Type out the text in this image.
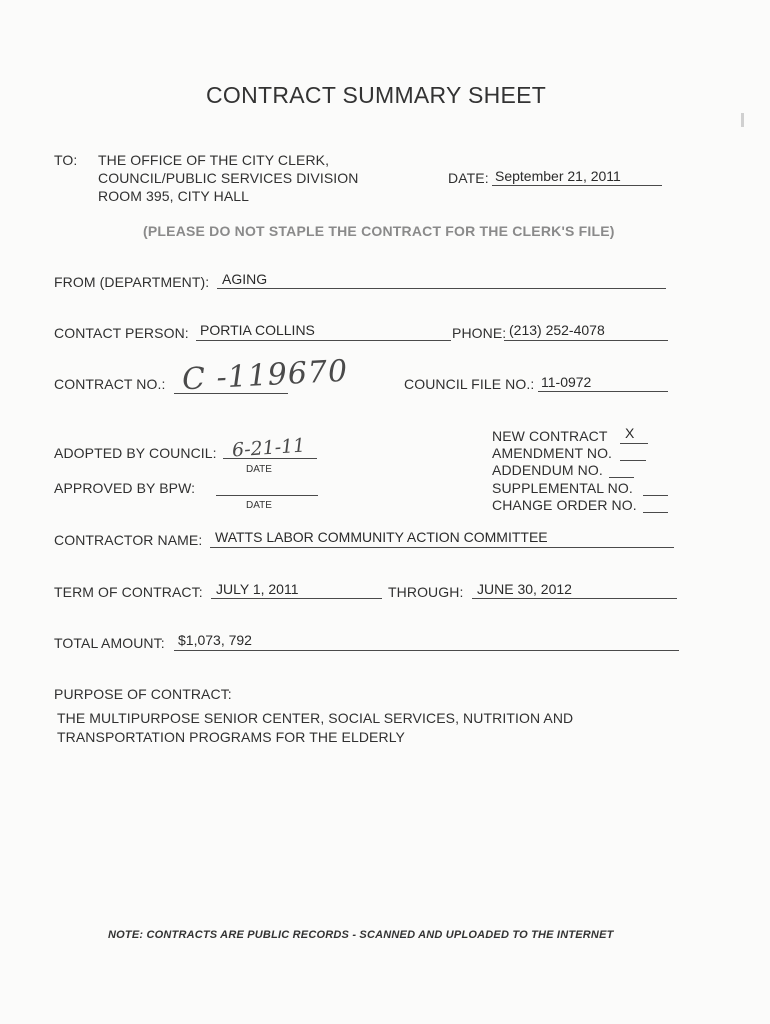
CONTRACT SUMMARY SHEET
TO: THE OFFICE OF THE CITY CLERK,
COUNCIL/PUBLIC SERVICES DIVISION
ROOM 395, CITY HALL
DATE: September 21, 2011
(PLEASE DO NOT STAPLE THE CONTRACT FOR THE CLERK'S FILE)
FROM (DEPARTMENT): AGING
CONTACT PERSON: PORTIA COLLINS	PHONE: (213) 252-4078
CONTRACT NO.: C -119670	COUNCIL FILE NO.: 11-0972
ADOPTED BY COUNCIL: 6-21-11
DATE
APPROVED BY BPW:
DATE
NEW CONTRACT X
AMENDMENT NO.
ADDENDUM NO.
SUPPLEMENTAL NO.
CHANGE ORDER NO.
CONTRACTOR NAME: WATTS LABOR COMMUNITY ACTION COMMITTEE
TERM OF CONTRACT: JULY 1, 2011	THROUGH: JUNE 30, 2012
TOTAL AMOUNT: $1,073, 792
PURPOSE OF CONTRACT:
THE MULTIPURPOSE SENIOR CENTER, SOCIAL SERVICES, NUTRITION AND
TRANSPORTATION PROGRAMS FOR THE ELDERLY
NOTE: CONTRACTS ARE PUBLIC RECORDS - SCANNED AND UPLOADED TO THE INTERNET
